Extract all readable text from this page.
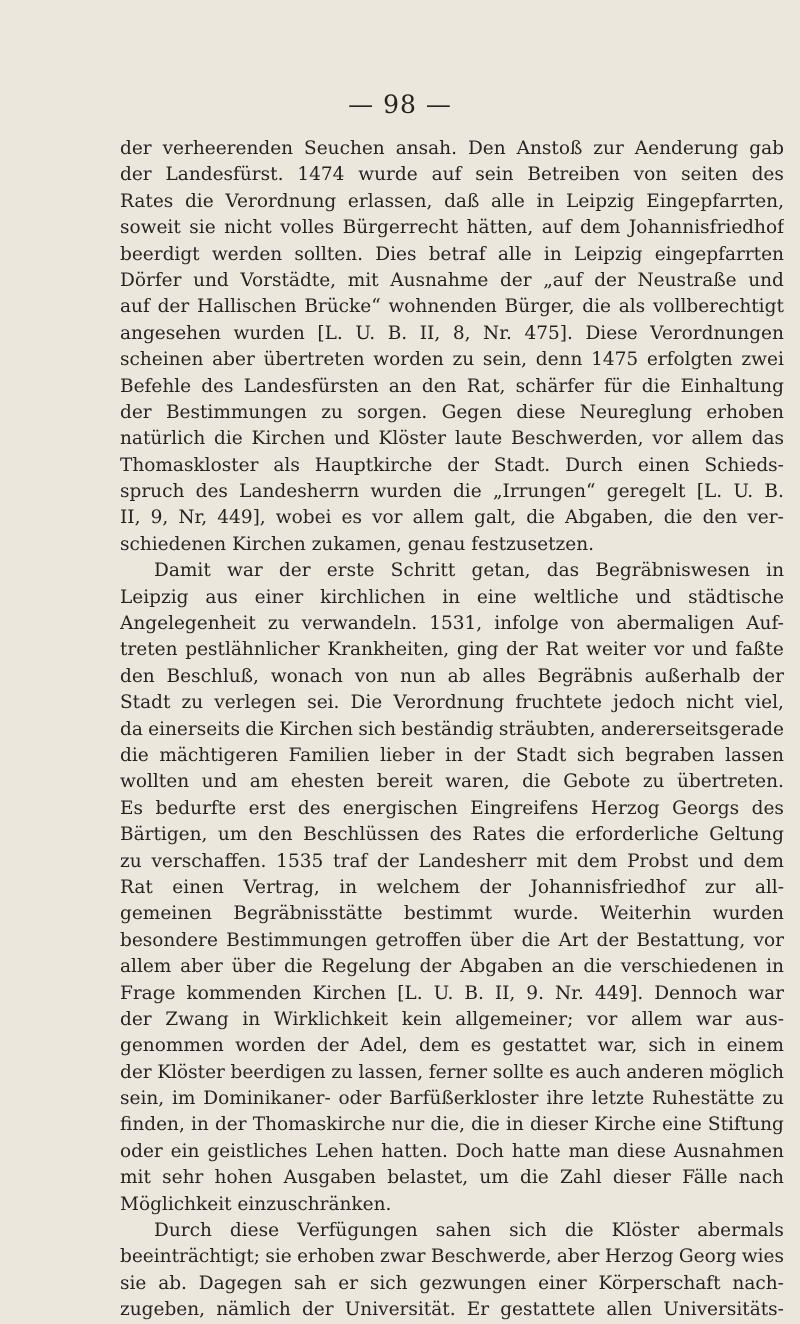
— 98 —
der verheerenden Seuchen ansah. Den Anstoß zur Aenderung gab
der Landesfürst. 1474 wurde auf sein Betreiben von seiten des
Rates die Verordnung erlassen, daß alle in Leipzig Eingepfarrten,
soweit sie nicht volles Bürgerrecht hätten, auf dem Johannisfriedhof
beerdigt werden sollten. Dies betraf alle in Leipzig eingepfarrten
Dörfer und Vorstädte, mit Ausnahme der „auf der Neustraße und
auf der Hallischen Brücke“ wohnenden Bürger, die als vollberechtigt
angesehen wurden [L. U. B. II, 8, Nr. 475]. Diese Verordnungen
scheinen aber übertreten worden zu sein, denn 1475 erfolgten zwei
Befehle des Landesfürsten an den Rat, schärfer für die Einhaltung
der Bestimmungen zu sorgen. Gegen diese Neureglung erhoben
natürlich die Kirchen und Klöster laute Beschwerden, vor allem das
Thomaskloster als Hauptkirche der Stadt. Durch einen Schieds-
spruch des Landesherrn wurden die „Irrungen“ geregelt [L. U. B.
II, 9, Nr, 449], wobei es vor allem galt, die Abgaben, die den ver-
schiedenen Kirchen zukamen, genau festzusetzen.
Damit war der erste Schritt getan, das Begräbniswesen in
Leipzig aus einer kirchlichen in eine weltliche und städtische
Angelegenheit zu verwandeln. 1531, infolge von abermaligen Auf-
treten pestlähnlicher Krankheiten, ging der Rat weiter vor und faßte
den Beschluß, wonach von nun ab alles Begräbnis außerhalb der
Stadt zu verlegen sei. Die Verordnung fruchtete jedoch nicht viel,
da einerseits die Kirchen sich beständig sträubten, andererseitsgerade
die mächtigeren Familien lieber in der Stadt sich begraben lassen
wollten und am ehesten bereit waren, die Gebote zu übertreten.
Es bedurfte erst des energischen Eingreifens Herzog Georgs des
Bärtigen, um den Beschlüssen des Rates die erforderliche Geltung
zu verschaffen. 1535 traf der Landesherr mit dem Probst und dem
Rat einen Vertrag, in welchem der Johannisfriedhof zur all-
gemeinen Begräbnisstätte bestimmt wurde. Weiterhin wurden
besondere Bestimmungen getroffen über die Art der Bestattung, vor
allem aber über die Regelung der Abgaben an die verschiedenen in
Frage kommenden Kirchen [L. U. B. II, 9. Nr. 449]. Dennoch war
der Zwang in Wirklichkeit kein allgemeiner; vor allem war aus-
genommen worden der Adel, dem es gestattet war, sich in einem
der Klöster beerdigen zu lassen, ferner sollte es auch anderen möglich
sein, im Dominikaner- oder Barfüßerkloster ihre letzte Ruhestätte zu
finden, in der Thomaskirche nur die, die in dieser Kirche eine Stiftung
oder ein geistliches Lehen hatten. Doch hatte man diese Ausnahmen
mit sehr hohen Ausgaben belastet, um die Zahl dieser Fälle nach
Möglichkeit einzuschränken.
Durch diese Verfügungen sahen sich die Klöster abermals
beeinträchtigt; sie erhoben zwar Beschwerde, aber Herzog Georg wies
sie ab. Dagegen sah er sich gezwungen einer Körperschaft nach-
zugeben, nämlich der Universität. Er gestattete allen Universitäts-
